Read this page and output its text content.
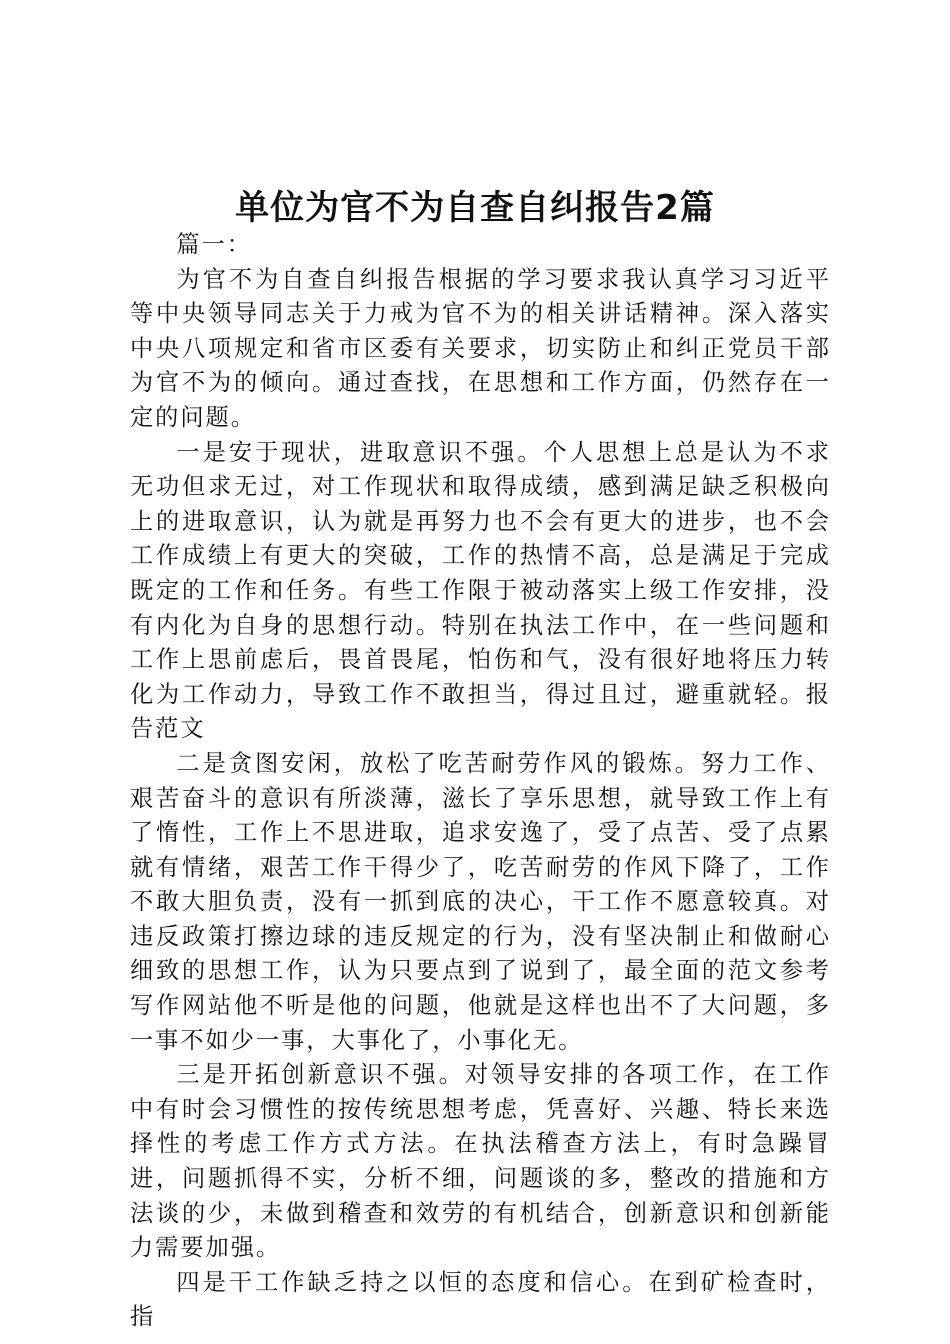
单位为官不为自查自纠报告2篇

篇一：

为官不为自查自纠报告根据的学习要求我认真学习习近平等中央领导同志关于力戒为官不为的相关讲话精神。深入落实中央八项规定和省市区委有关要求，切实防止和纠正党员干部为官不为的倾向。通过查找，在思想和工作方面，仍然存在一定的问题。

一是安于现状，进取意识不强。个人思想上总是认为不求无功但求无过，对工作现状和取得成绩，感到满足缺乏积极向上的进取意识，认为就是再努力也不会有更大的进步，也不会工作成绩上有更大的突破，工作的热情不高，总是满足于完成既定的工作和任务。有些工作限于被动落实上级工作安排，没有内化为自身的思想行动。特别在执法工作中，在一些问题和工作上思前虑后，畏首畏尾，怕伤和气，没有很好地将压力转化为工作动力，导致工作不敢担当，得过且过，避重就轻。报告范文

二是贪图安闲，放松了吃苦耐劳作风的锻炼。努力工作、艰苦奋斗的意识有所淡薄，滋长了享乐思想，就导致工作上有了惰性，工作上不思进取，追求安逸了，受了点苦、受了点累就有情绪，艰苦工作干得少了，吃苦耐劳的作风下降了，工作不敢大胆负责，没有一抓到底的决心，干工作不愿意较真。对违反政策打擦边球的违反规定的行为，没有坚决制止和做耐心细致的思想工作，认为只要点到了说到了，最全面的范文参考写作网站他不听是他的问题，他就是这样也出不了大问题，多一事不如少一事，大事化了，小事化无。

三是开拓创新意识不强。对领导安排的各项工作，在工作中有时会习惯性的按传统思想考虑，凭喜好、兴趣、特长来选择性的考虑工作方式方法。在执法稽查方法上，有时急躁冒进，问题抓得不实，分析不细，问题谈的多，整改的措施和方法谈的少，未做到稽查和效劳的有机结合，创新意识和创新能力需要加强。

四是干工作缺乏持之以恒的态度和信心。在到矿检查时，指
